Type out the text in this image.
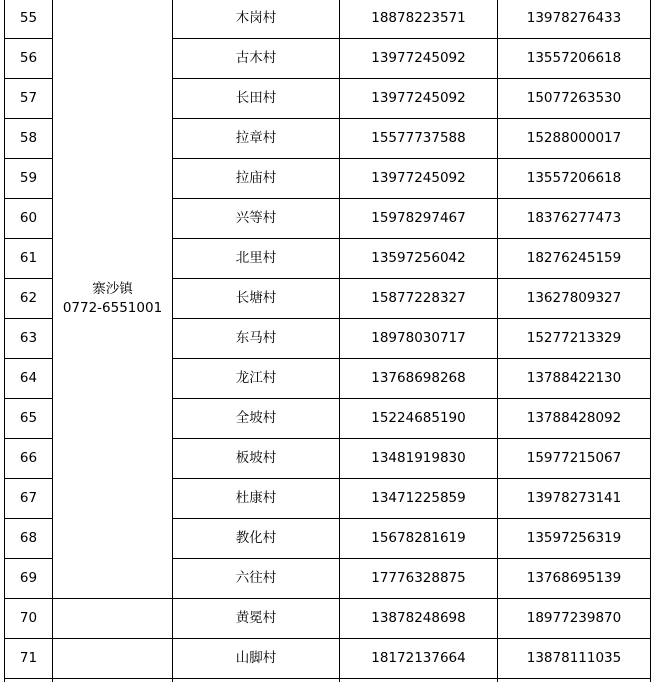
寨沙镇
0772-6551001
55	木岗村	18878223571	13978276433
56	古木村	13977245092	13557206618
57	长田村	13977245092	15077263530
58	拉章村	15577737588	15288000017
59	拉庙村	13977245092	13557206618
60	兴等村	15978297467	18376277473
61	北里村	13597256042	18276245159
62	长塘村	15877228327	13627809327
63	东马村	18978030717	15277213329
64	龙江村	13768698268	13788422130
65	全坡村	15224685190	13788428092
66	板坡村	13481919830	15977215067
67	杜康村	13471225859	13978273141
68	教化村	15678281619	13597256319
69	六往村	17776328875	13768695139
70	黄冕村	13878248698	18977239870
71	山脚村	18172137664	13878111035
